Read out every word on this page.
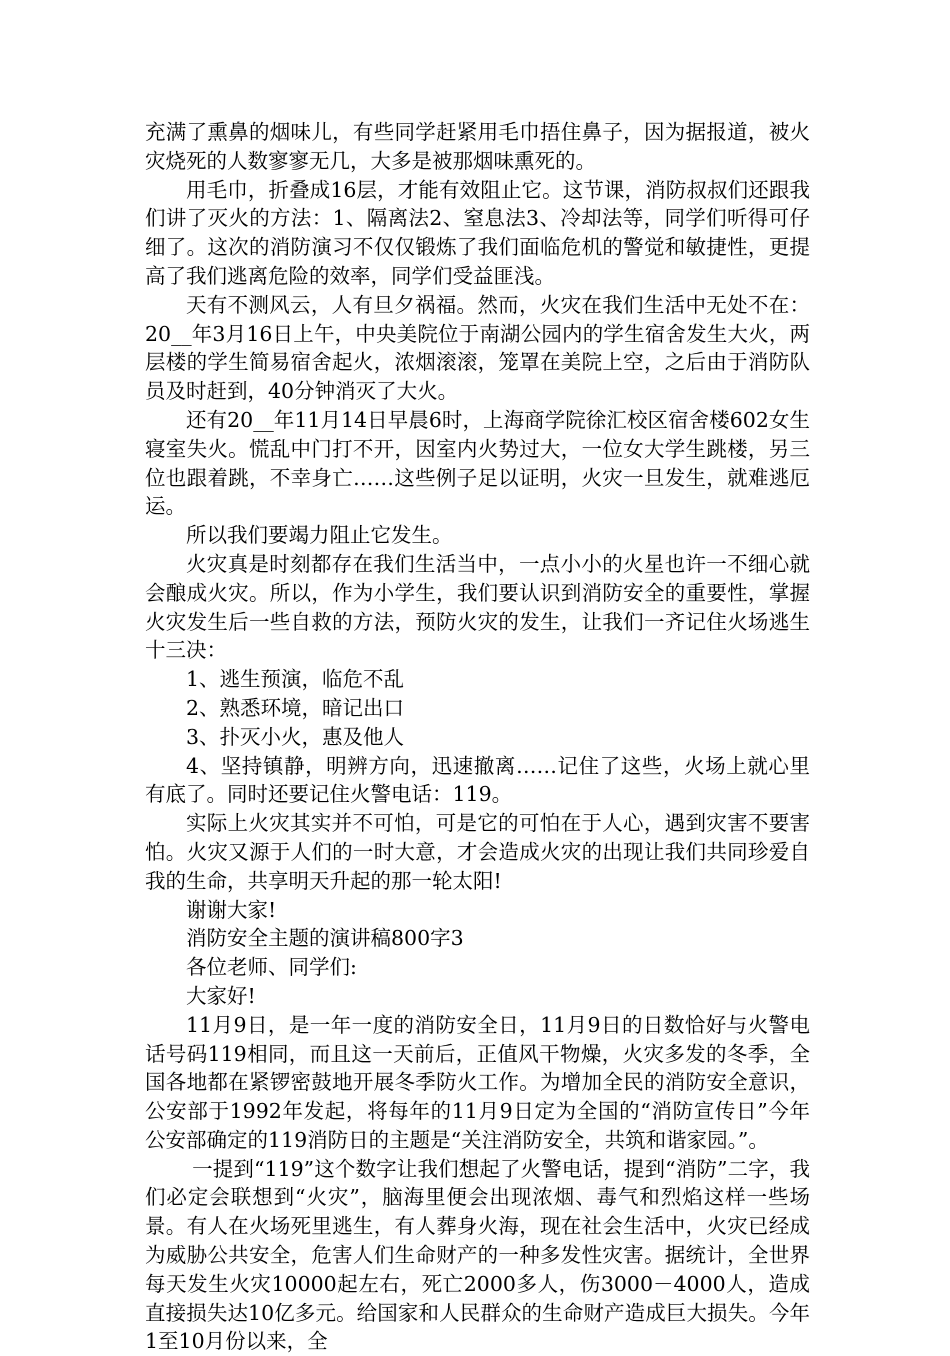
充满了熏鼻的烟味儿，有些同学赶紧用毛巾捂住鼻子，因为据报道，被火灾烧死的人数寥寥无几，大多是被那烟味熏死的。

用毛巾，折叠成16层，才能有效阻止它。这节课，消防叔叔们还跟我们讲了灭火的方法：1、隔离法2、窒息法3、冷却法等，同学们听得可仔细了。这次的消防演习不仅仅锻炼了我们面临危机的警觉和敏捷性，更提高了我们逃离危险的效率，同学们受益匪浅。

天有不测风云，人有旦夕祸福。然而，火灾在我们生活中无处不在：20__年3月16日上午，中央美院位于南湖公园内的学生宿舍发生大火，两层楼的学生简易宿舍起火，浓烟滚滚，笼罩在美院上空，之后由于消防队员及时赶到，40分钟消灭了大火。

还有20__年11月14日早晨6时，上海商学院徐汇校区宿舍楼602女生寝室失火。慌乱中门打不开，因室内火势过大，一位女大学生跳楼，另三位也跟着跳，不幸身亡……这些例子足以证明，火灾一旦发生，就难逃厄运。

所以我们要竭力阻止它发生。

火灾真是时刻都存在我们生活当中，一点小小的火星也许一不细心就会酿成火灾。所以，作为小学生，我们要认识到消防安全的重要性，掌握火灾发生后一些自救的方法，预防火灾的发生，让我们一齐记住火场逃生十三决：

1、逃生预演，临危不乱

2、熟悉环境，暗记出口

3、扑灭小火，惠及他人

4、坚持镇静，明辨方向，迅速撤离……记住了这些，火场上就心里有底了。同时还要记住火警电话：119。

实际上火灾其实并不可怕，可是它的可怕在于人心，遇到灾害不要害怕。火灾又源于人们的一时大意，才会造成火灾的出现让我们共同珍爱自我的生命，共享明天升起的那一轮太阳!

谢谢大家!

消防安全主题的演讲稿800字3

各位老师、同学们:

大家好!

11月9日，是一年一度的消防安全日，11月9日的日数恰好与火警电话号码119相同，而且这一天前后，正值风干物燥，火灾多发的冬季，全国各地都在紧锣密鼓地开展冬季防火工作。为增加全民的消防安全意识，公安部于1992年发起，将每年的11月9日定为全国的“消防宣传日”今年公安部确定的119消防日的主题是“关注消防安全，共筑和谐家园。”。

一提到“119”这个数字让我们想起了火警电话，提到“消防”二字，我们必定会联想到“火灾”，脑海里便会出现浓烟、毒气和烈焰这样一些场景。有人在火场死里逃生，有人葬身火海，现在社会生活中，火灾已经成为威胁公共安全，危害人们生命财产的一种多发性灾害。据统计，全世界每天发生火灾10000起左右，死亡2000多人，伤3000－4000人，造成直接损失达10亿多元。给国家和人民群众的生命财产造成巨大损失。今年1至10月份以来，全
